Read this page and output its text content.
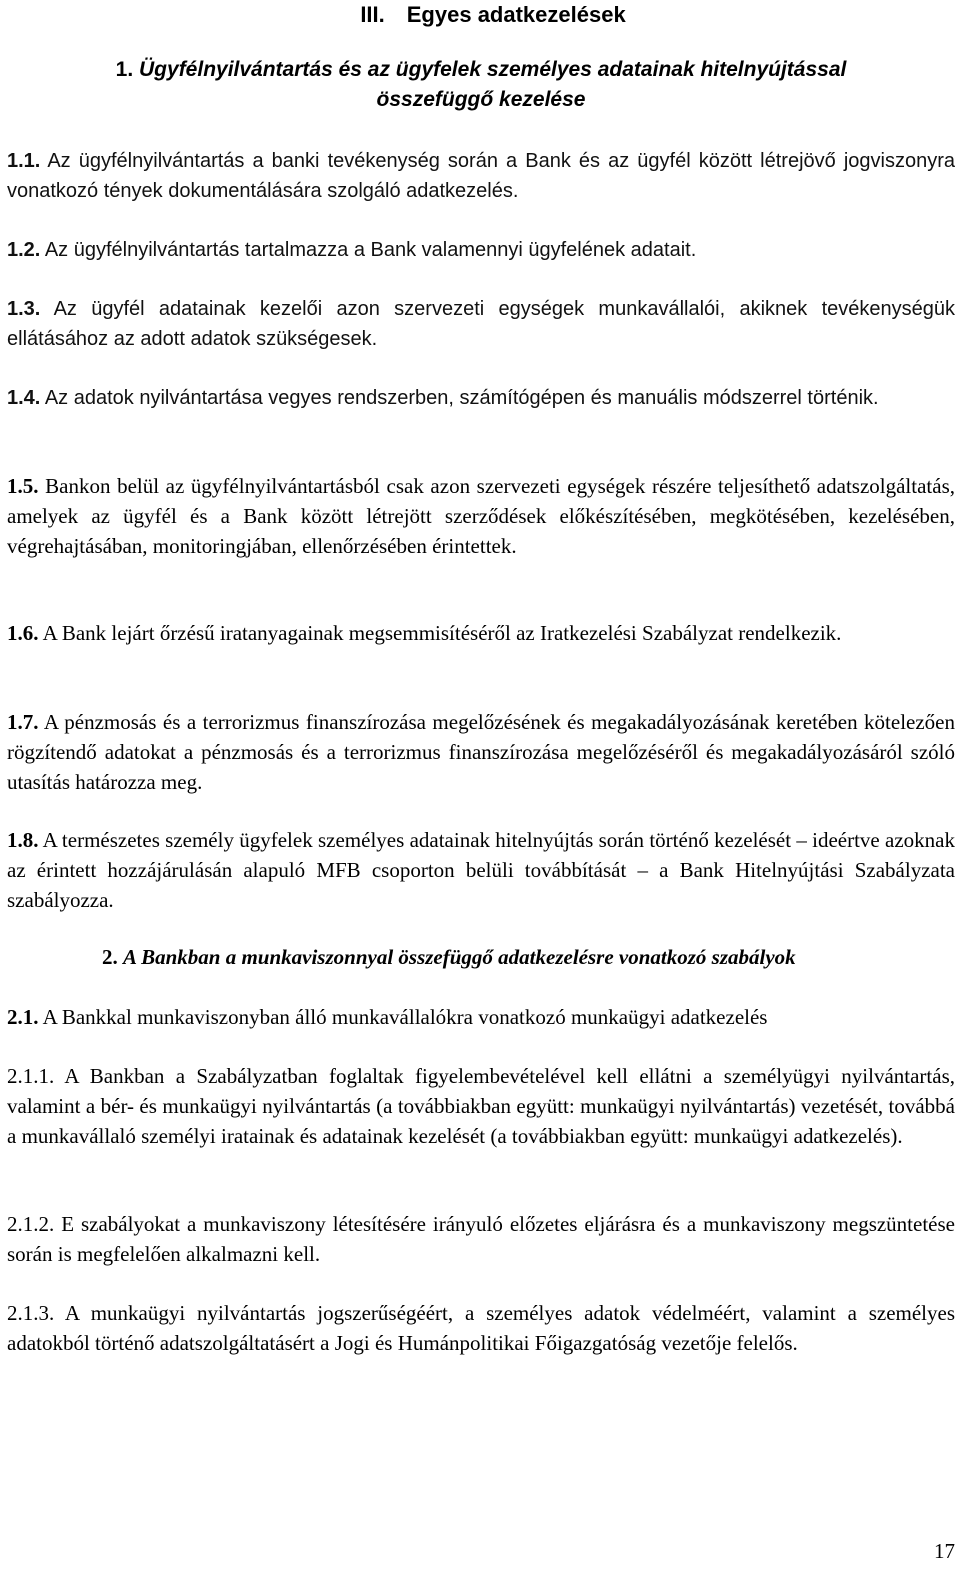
III. Egyes adatkezelések
1. Ügyfélnyilvántartás és az ügyfelek személyes adatainak hitelnyújtással
összefüggő kezelése

1.1. Az ügyfélnyilvántartás a banki tevékenység során a Bank és az ügyfél között létrejövő jogviszonyra vonatkozó tények dokumentálására szolgáló adatkezelés.

1.2. Az ügyfélnyilvántartás tartalmazza a Bank valamennyi ügyfelének adatait.

1.3. Az ügyfél adatainak kezelői azon szervezeti egységek munkavállalói, akiknek tevékenységük ellátásához az adott adatok szükségesek.

1.4. Az adatok nyilvántartása vegyes rendszerben, számítógépen és manuális módszerrel történik.

1.5. Bankon belül az ügyfélnyilvántartásból csak azon szervezeti egységek részére teljesíthető adatszolgáltatás, amelyek az ügyfél és a Bank között létrejött szerződések előkészítésében, megkötésében, kezelésében, végrehajtásában, monitoringjában, ellenőrzésében érintettek.

1.6. A Bank lejárt őrzésű iratanyagainak megsemmisítéséről az Iratkezelési Szabályzat rendelkezik.

1.7. A pénzmosás és a terrorizmus finanszírozása megelőzésének és megakadályozásának keretében kötelezően rögzítendő adatokat a pénzmosás és a terrorizmus finanszírozása megelőzéséről és megakadályozásáról szóló utasítás határozza meg.

1.8. A természetes személy ügyfelek személyes adatainak hitelnyújtás során történő kezelését – ideértve azoknak az érintett hozzájárulásán alapuló MFB csoporton belüli továbbítását – a Bank Hitelnyújtási Szabályzata szabályozza.

2. A Bankban a munkaviszonnyal összefüggő adatkezelésre vonatkozó szabályok

2.1. A Bankkal munkaviszonyban álló munkavállalókra vonatkozó munkaügyi adatkezelés

2.1.1. A Bankban a Szabályzatban foglaltak figyelembevételével kell ellátni a személyügyi nyilvántartás, valamint a bér- és munkaügyi nyilvántartás (a továbbiakban együtt: munkaügyi nyilvántartás) vezetését, továbbá a munkavállaló személyi iratainak és adatainak kezelését (a továbbiakban együtt: munkaügyi adatkezelés).

2.1.2. E szabályokat a munkaviszony létesítésére irányuló előzetes eljárásra és a munkaviszony megszüntetése során is megfelelően alkalmazni kell.

2.1.3. A munkaügyi nyilvántartás jogszerűségéért, a személyes adatok védelméért, valamint a személyes adatokból történő adatszolgáltatásért a Jogi és Humánpolitikai Főigazgatóság vezetője felelős.

17
